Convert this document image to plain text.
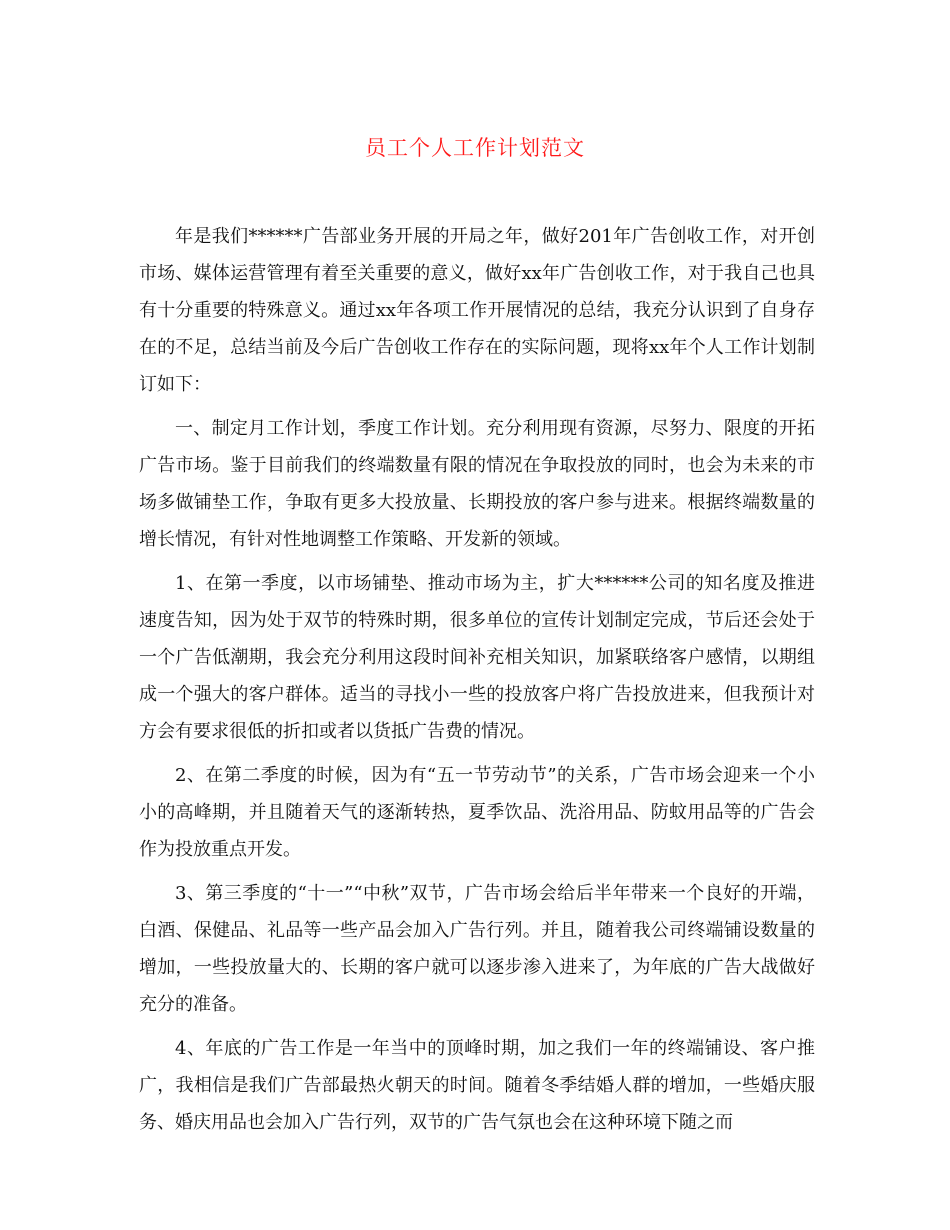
员工个人工作计划范文

年是我们******广告部业务开展的开局之年，做好201年广告创收工作，对开创市场、媒体运营管理有着至关重要的意义，做好xx年广告创收工作，对于我自己也具有十分重要的特殊意义。通过xx年各项工作开展情况的总结，我充分认识到了自身存在的不足，总结当前及今后广告创收工作存在的实际问题，现将xx年个人工作计划制订如下：

一、制定月工作计划，季度工作计划。充分利用现有资源，尽努力、限度的开拓广告市场。鉴于目前我们的终端数量有限的情况在争取投放的同时，也会为未来的市场多做铺垫工作，争取有更多大投放量、长期投放的客户参与进来。根据终端数量的增长情况，有针对性地调整工作策略、开发新的领域。

1、在第一季度，以市场铺垫、推动市场为主，扩大******公司的知名度及推进速度告知，因为处于双节的特殊时期，很多单位的宣传计划制定完成，节后还会处于一个广告低潮期，我会充分利用这段时间补充相关知识，加紧联络客户感情，以期组成一个强大的客户群体。适当的寻找小一些的投放客户将广告投放进来，但我预计对方会有要求很低的折扣或者以货抵广告费的情况。

2、在第二季度的时候，因为有“五一节劳动节”的关系，广告市场会迎来一个小小的高峰期，并且随着天气的逐渐转热，夏季饮品、洗浴用品、防蚊用品等的广告会作为投放重点开发。

3、第三季度的“十一”“中秋”双节，广告市场会给后半年带来一个良好的开端，白酒、保健品、礼品等一些产品会加入广告行列。并且，随着我公司终端铺设数量的增加，一些投放量大的、长期的客户就可以逐步渗入进来了，为年底的广告大战做好充分的准备。

4、年底的广告工作是一年当中的顶峰时期，加之我们一年的终端铺设、客户推广，我相信是我们广告部最热火朝天的时间。随着冬季结婚人群的增加，一些婚庆服务、婚庆用品也会加入广告行列，双节的广告气氛也会在这种环境下随之而
